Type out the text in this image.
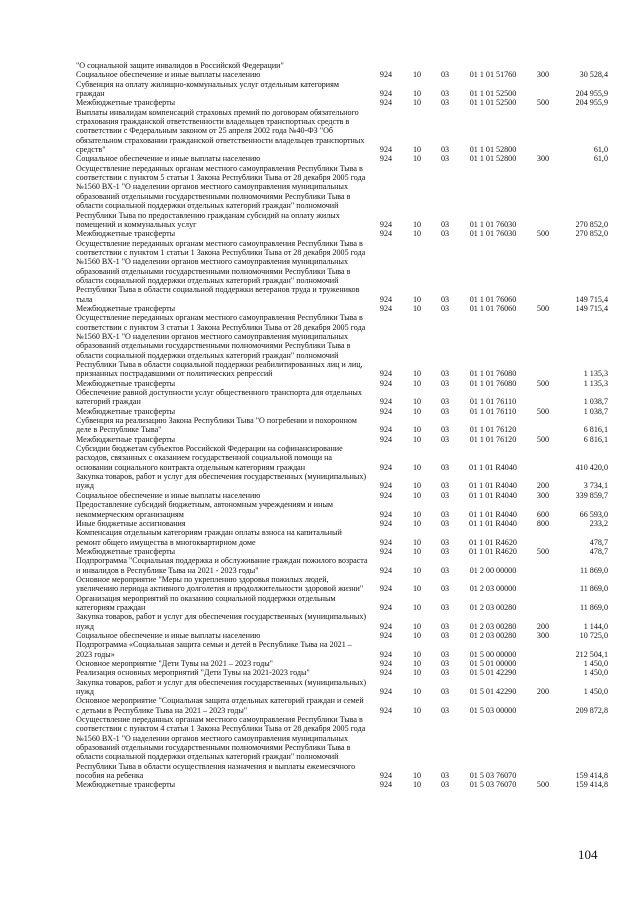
"О социальной защите инвалидов в Российской Федерации"						
Социальное обеспечение и иные выплаты населению	924	10	03	01 1 01 51760	300	30 528,4
Субвенция на оплату жилищно-коммунальных услуг отдельным категориям граждан	924	10	03	01 1 01 52500		204 955,9
Межбюджетные трансферты	924	10	03	01 1 01 52500	500	204 955,9
Выплаты инвалидам компенсаций страховых премий по договорам обязательного страхования гражданской ответственности владельцев транспортных средств в соответствии с Федеральным законом от 25 апреля 2002 года №40-ФЗ "Об обязательном страховании гражданской ответственности владельцев транспортных средств"	924	10	03	01 1 01 52800		61,0
Социальное обеспечение и иные выплаты населению	924	10	03	01 1 01 52800	300	61,0
Осуществление переданных органам местного самоуправления Республики Тыва в соответствии с пунктом 5 статьи 1 Закона Республики Тыва от 28 декабря 2005 года №1560 ВХ-1 "О наделении органов местного самоуправления муниципальных образований отдельными государственными полномочиями Республики Тыва в области социальной поддержки отдельных категорий граждан" полномочий Республики Тыва по предоставлению гражданам субсидий на оплату жилых помещений и коммунальных услуг	924	10	03	01 1 01 76030		270 852,0
Межбюджетные трансферты	924	10	03	01 1 01 76030	500	270 852,0
Осуществление переданных органам местного самоуправления Республики Тыва в соответствии с пунктом 1 статьи 1 Закона Республики Тыва от 28 декабря 2005 года №1560 ВХ-1 "О наделении органов местного самоуправления муниципальных образований отдельными государственными полномочиями Республики Тыва в области социальной поддержки отдельных категорий граждан" полномочий Республики Тыва в области социальной поддержки ветеранов труда и тружеников тыла	924	10	03	01 1 01 76060		149 715,4
Межбюджетные трансферты	924	10	03	01 1 01 76060	500	149 715,4
Осуществление переданных органам местного самоуправления Республики Тыва в соответствии с пунктом 3 статьи 1 Закона Республики Тыва от 28 декабря 2005 года №1560 ВХ-1 "О наделении органов местного самоуправления муниципальных образований отдельными государственными полномочиями Республики Тыва в области социальной поддержки отдельных категорий граждан" полномочий Республики Тыва в области социальной поддержки реабилитированных лиц и лиц, признанных пострадавшими от политических репрессий	924	10	03	01 1 01 76080		1 135,3
Межбюджетные трансферты	924	10	03	01 1 01 76080	500	1 135,3
Обеспечение равной доступности услуг общественного транспорта для отдельных категорий граждан	924	10	03	01 1 01 76110		1 038,7
Межбюджетные трансферты	924	10	03	01 1 01 76110	500	1 038,7
Субвенция на реализацию Закона Республики Тыва "О погребении и похоронном деле в Республике Тыва"	924	10	03	01 1 01 76120		6 816,1
Межбюджетные трансферты	924	10	03	01 1 01 76120	500	6 816,1
Субсидии бюджетам субъектов Российской Федерации на софинансирование расходов, связанных с оказанием государственной социальной помощи на основании социального контракта отдельным категориям граждан	924	10	03	01 1 01 R4040		410 420,0
Закупка товаров, работ и услуг для обеспечения государственных (муниципальных) нужд	924	10	03	01 1 01 R4040	200	3 734,1
Социальное обеспечение и иные выплаты населению	924	10	03	01 1 01 R4040	300	339 859,7
Предоставление субсидий бюджетным, автономным учреждениям и иным некоммерческим организациям	924	10	03	01 1 01 R4040	600	66 593,0
Иные бюджетные ассигнования	924	10	03	01 1 01 R4040	800	233,2
Компенсация отдельным категориям граждан оплаты взноса на капитальный ремонт общего имущества в многоквартирном доме	924	10	03	01 1 01 R4620		478,7
Межбюджетные трансферты	924	10	03	01 1 01 R4620	500	478,7
Подпрограмма "Социальная поддержка и обслуживание граждан пожилого возраста и инвалидов в Республике Тыва на 2021 - 2023 годы"	924	10	03	01 2 00 00000		11 869,0
Основное мероприятие "Меры по укреплению здоровья пожилых людей, увеличению периода активного долголетия и продолжительности здоровой жизни"	924	10	03	01 2 03 00000		11 869,0
Организация мероприятий по оказанию социальной поддержки отдельным категориям граждан	924	10	03	01 2 03 00280		11 869,0
Закупка товаров, работ и услуг для обеспечения государственных (муниципальных) нужд	924	10	03	01 2 03 00280	200	1 144,0
Социальное обеспечение и иные выплаты населению	924	10	03	01 2 03 00280	300	10 725,0
Подпрограмма «Социальная защита семьи и детей в Республике Тыва на 2021 – 2023 годы»	924	10	03	01 5 00 00000		212 504,1
Основное мероприятие "Дети Тувы на 2021 – 2023 годы"	924	10	03	01 5 01 00000		1 450,0
Реализация основных мероприятий "Дети Тувы на 2021-2023 годы"	924	10	03	01 5 01 42290		1 450,0
Закупка товаров, работ и услуг для обеспечения государственных (муниципальных) нужд	924	10	03	01 5 01 42290	200	1 450,0
Основное мероприятие "Социальная защита отдельных категорий граждан и семей с детьми в Республике Тыва на 2021 – 2023 годы"	924	10	03	01 5 03 00000		209 872,8
Осуществление переданных органам местного самоуправления Республики Тыва в соответствии с пунктом 4 статьи 1 Закона Республики Тыва от 28 декабря 2005 года №1560 ВХ-1 "О наделении органов местного самоуправления муниципальных образований отдельными государственными полномочиями Республики Тыва в области социальной поддержки отдельных категорий граждан" полномочий Республики Тыва в области осуществления назначения и выплаты ежемесячного пособия на ребенка	924	10	03	01 5 03 76070		159 414,8
Межбюджетные трансферты	924	10	03	01 5 03 76070	500	159 414,8
104
